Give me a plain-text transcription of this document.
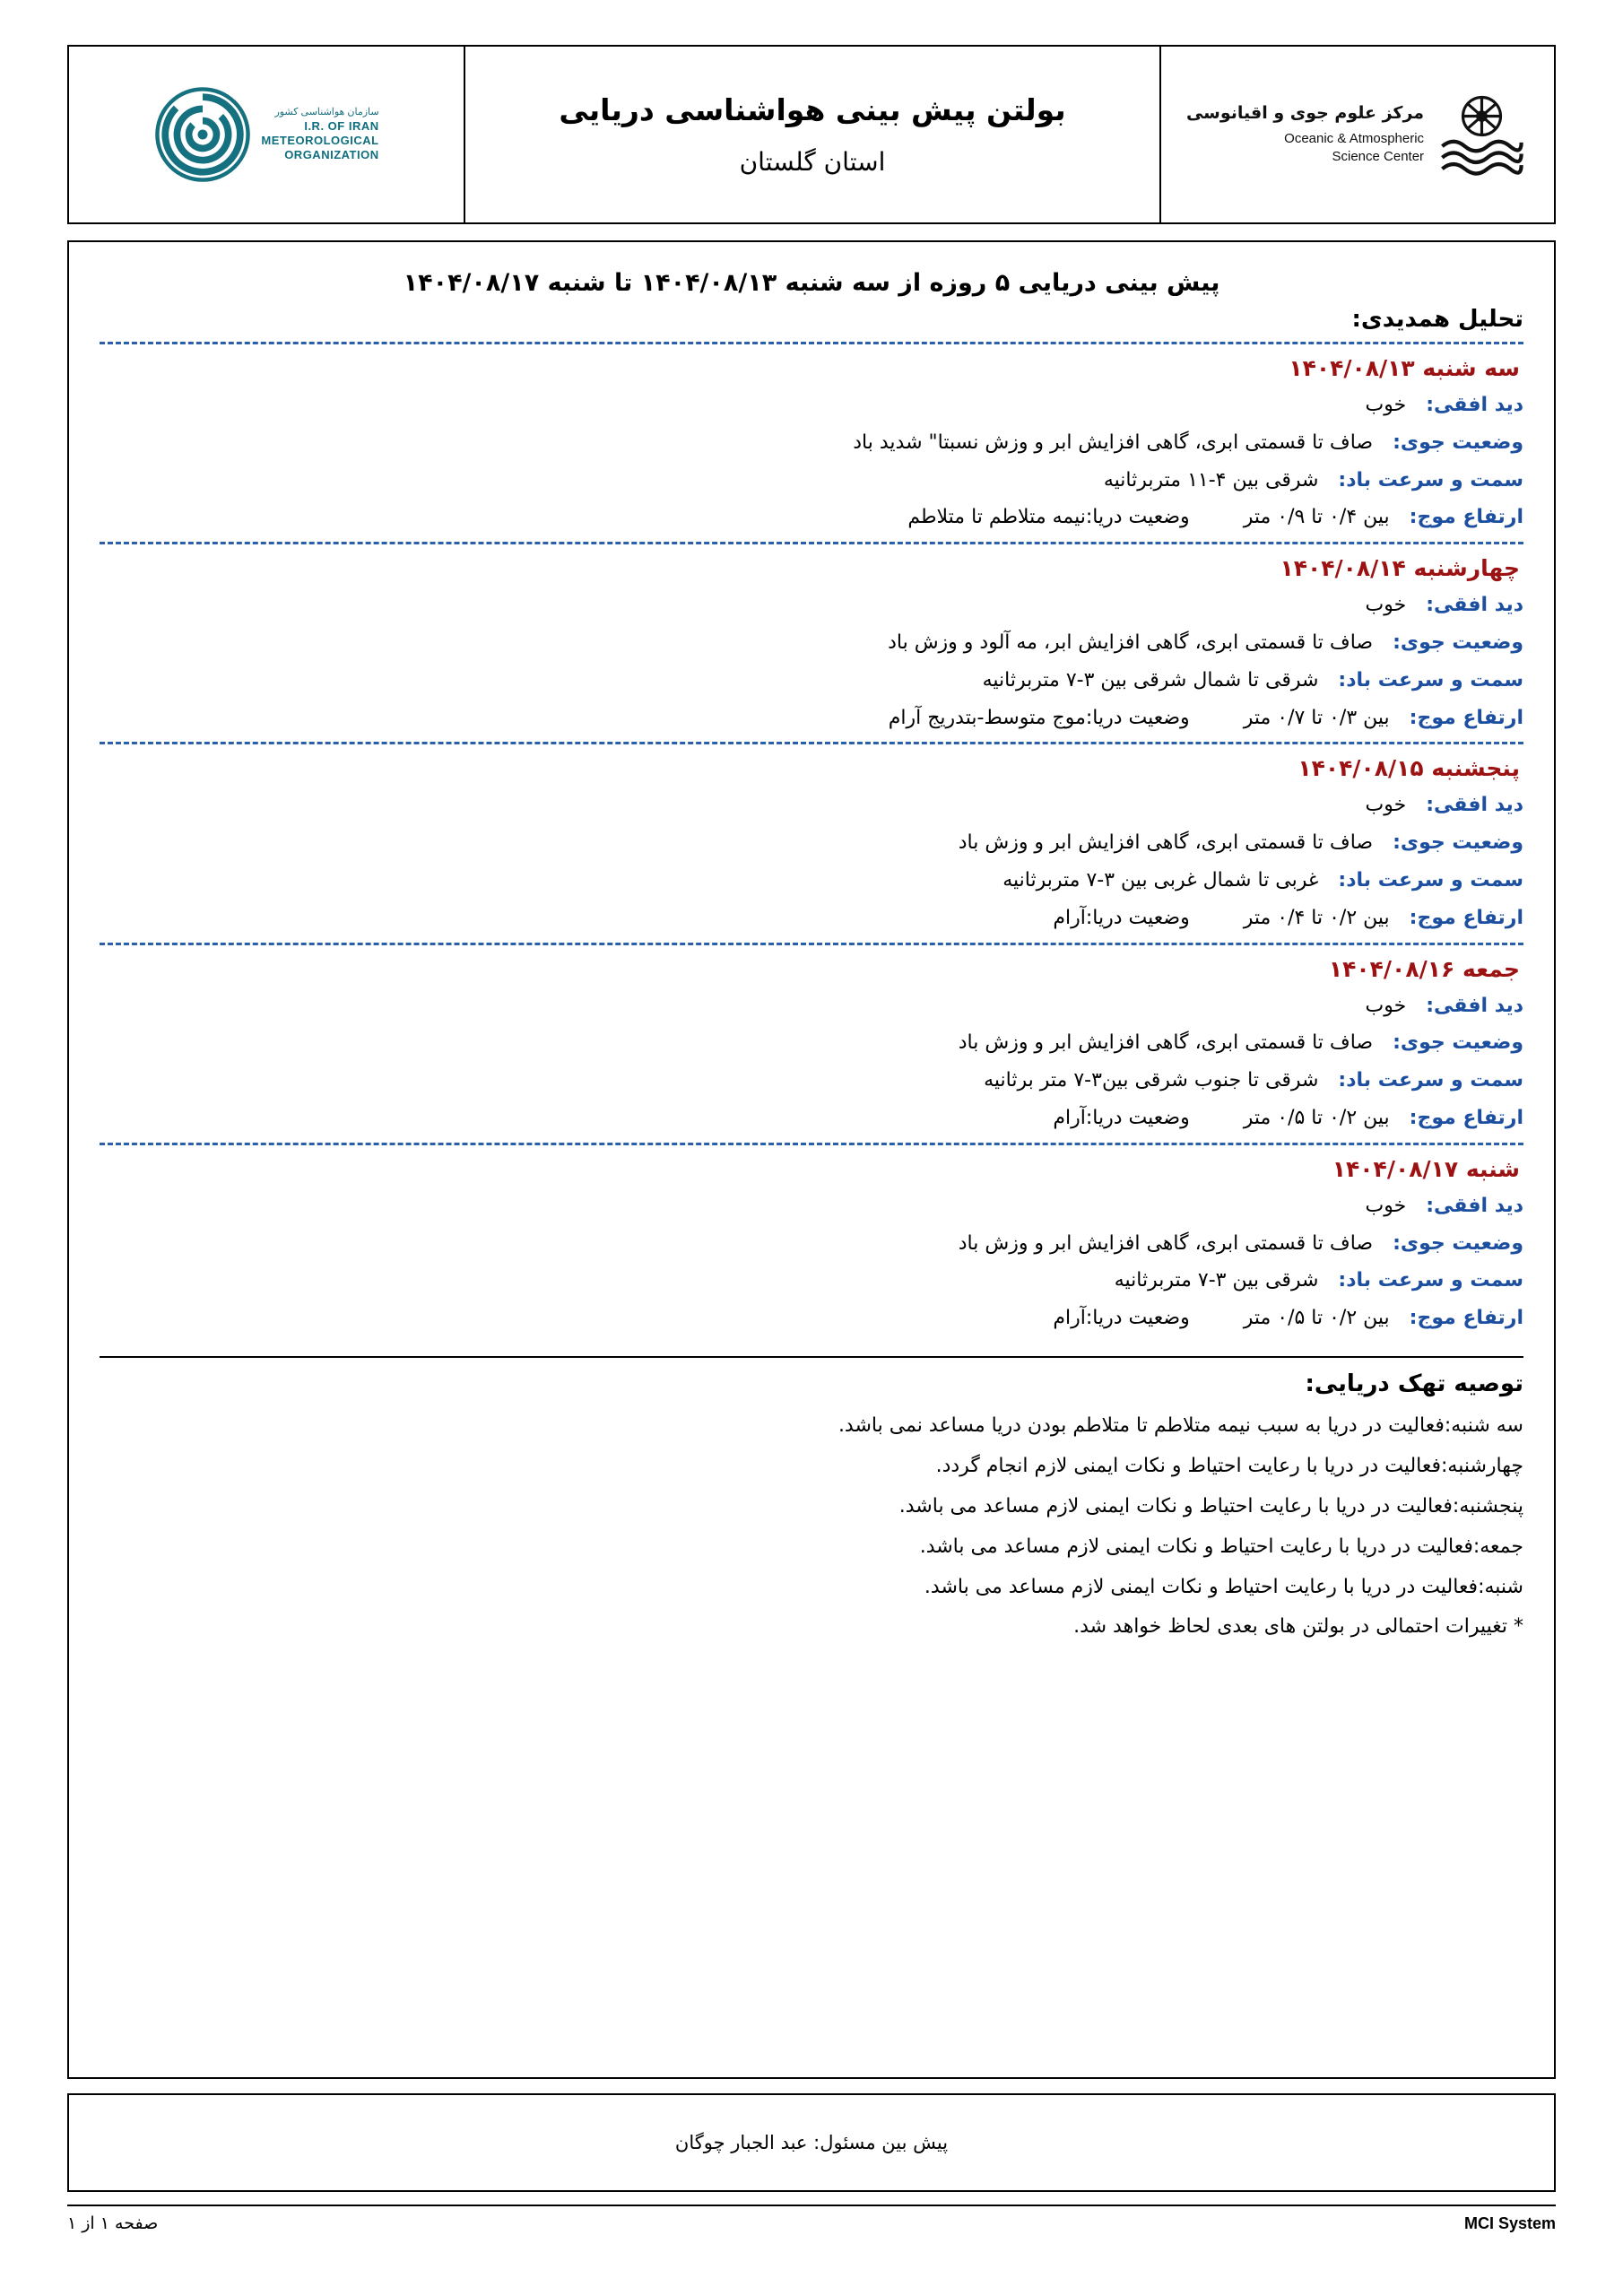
مرکز علوم جوی و اقیانوسی
Oceanic & Atmospheric
Science Center
بولتن پیش بینی هواشناسی دریایی
استان گلستان
سازمان هواشناسی کشور
I.R. OF IRAN
METEOROLOGICAL
ORGANIZATION
پیش بینی دریایی ۵ روزه از سه شنبه ۱۴۰۴/۰۸/۱۳ تا شنبه ۱۴۰۴/۰۸/۱۷
تحلیل همدیدی:
سه شنبه ۱۴۰۴/۰۸/۱۳
دید افقی:خوب
وضعیت جوی:صاف تا قسمتی ابری، گاهی افزایش ابر و وزش نسبتا" شدید باد
سمت و سرعت باد:شرقی بین ۴-۱۱ متربرثانیه
ارتفاع موج:بین ۰/۴ تا ۰/۹ متروضعیت دریا:نیمه متلاطم تا متلاطم
چهارشنبه ۱۴۰۴/۰۸/۱۴
دید افقی:خوب
وضعیت جوی:صاف تا قسمتی ابری، گاهی افزایش ابر، مه آلود و وزش باد
سمت و سرعت باد:شرقی تا شمال شرقی بین ۳-۷ متربرثانیه
ارتفاع موج:بین ۰/۳ تا ۰/۷ متروضعیت دریا:موج متوسط-بتدریج آرام
پنجشنبه ۱۴۰۴/۰۸/۱۵
دید افقی:خوب
وضعیت جوی:صاف تا قسمتی ابری، گاهی افزایش ابر و وزش باد
سمت و سرعت باد:غربی تا شمال غربی بین ۳-۷ متربرثانیه
ارتفاع موج:بین ۰/۲ تا ۰/۴ متروضعیت دریا:آرام
جمعه ۱۴۰۴/۰۸/۱۶
دید افقی:خوب
وضعیت جوی:صاف تا قسمتی ابری، گاهی افزایش ابر و وزش باد
سمت و سرعت باد:شرقی تا جنوب شرقی بین۳-۷ متر برثانیه
ارتفاع موج:بین ۰/۲ تا ۰/۵ متروضعیت دریا:آرام
شنبه ۱۴۰۴/۰۸/۱۷
دید افقی:خوب
وضعیت جوی:صاف تا قسمتی ابری، گاهی افزایش ابر و وزش باد
سمت و سرعت باد:شرقی بین ۳-۷ متربرثانیه
ارتفاع موج:بین ۰/۲ تا ۰/۵ متروضعیت دریا:آرام
توصیه تهک دریایی:
سه شنبه:فعالیت در دریا به سبب نیمه متلاطم تا متلاطم بودن دریا مساعد نمی باشد.
چهارشنبه:فعالیت در دریا با رعایت احتیاط و نکات ایمنی لازم انجام گردد.
پنجشنبه:فعالیت در دریا با رعایت احتیاط و نکات ایمنی لازم مساعد می باشد.
جمعه:فعالیت در دریا با رعایت احتیاط و نکات ایمنی لازم مساعد می باشد.
شنبه:فعالیت در دریا با رعایت احتیاط و نکات ایمنی لازم مساعد می باشد.
* تغییرات احتمالی در بولتن های بعدی لحاظ خواهد شد.
پیش بین مسئول: عبد الجبار چوگان
صفحه ۱ از ۱	MCI System
